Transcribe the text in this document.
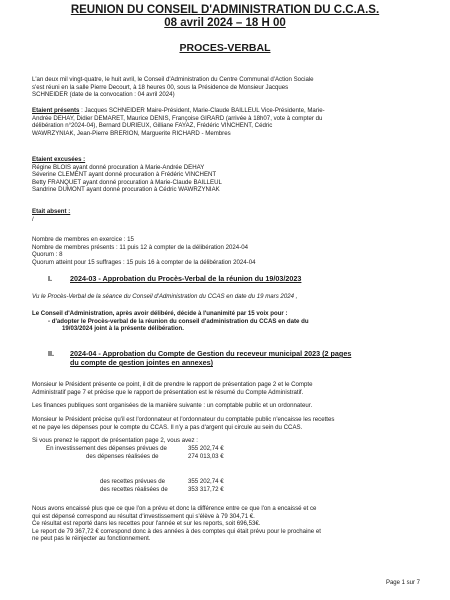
REUNION DU CONSEIL D'ADMINISTRATION DU C.C.A.S.
08 avril 2024 – 18 H 00
PROCES-VERBAL

L'an deux mil vingt-quatre, le huit avril, le Conseil d'Administration du Centre Communal d'Action Sociale

s'est réuni en la salle Pierre Decourt, à 18 heures 00, sous la Présidence de Monsieur Jacques

SCHNEIDER (date de la convocation : 04 avril 2024)

Etaient présents : Jacques SCHNEIDER Maire-Président, Marie-Claude BAILLEUL Vice-Présidente, Marie-

Andrée DEHAY, Didier DEMARET, Maurice DENIS, Françoise GIRARD (arrivée à 18h07, vote à compter du

délibération n°2024-04), Bernard DURIEUX, Gilliane FAYAZ, Frédéric VINCHENT, Cédric

WAWRZYNIAK, Jean-Pierre BRERION, Marguerite RICHARD - Membres

Etaient excusées :

Régine BLOIS ayant donné procuration à Marie-Andrée DEHAY

Séverine CLEMENT ayant donné procuration à Frédéric VINCHENT

Betty FRANQUET ayant donné procuration à Marie-Claude BAILLEUL

Sandrine DUMONT ayant donné procuration à Cédric WAWRZYNIAK

Etait absent :

/

Nombre de membres en exercice : 15

Nombre de membres présents : 11 puis 12 à compter de la délibération 2024-04

Quorum : 8

Quorum atteint pour 15 suffrages : 15 puis 16 à compter de la délibération 2024-04

I.	2024-03 - Approbation du Procès-Verbal de la réunion du 19/03/2023

Vu le Procès-Verbal de la séance du Conseil d'Administration du CCAS en date du 19 mars 2024 ,

Le Conseil d'Administration, après avoir délibéré, décide à l'unanimité par 15 voix pour :

- d'adopter le Procès-verbal de la réunion du conseil d'administration du CCAS en date du

19/03/2024 joint à la présente délibération.

II. 2024-04 - Approbation du Compte de Gestion du receveur municipal 2023 (2 pages
du compte de gestion jointes en annexes)

Monsieur le Président présente ce point, il dit de prendre le rapport de présentation page 2 et le Compte

Administratif page 7 et précise que le rapport de présentation est le résumé du Compte Administratif.

Les finances publiques sont organisées de la manière suivante : un comptable public et un ordonnateur.

Monsieur le Président précise qu'il est l'ordonnateur et l'ordonnateur du comptable public n'encaisse les recettes

et ne paye les dépenses pour le compte du CCAS. Il n'y a pas d'argent qui circule au sein du CCAS.

Si vous prenez le rapport de présentation page 2, vous avez :

En investissement des dépenses prévues de	355 202,74 €

des dépenses réalisées de	274 013,03 €

des recettes prévues de	355 202,74 €

des recettes réalisées de	353 317,72 €

Nous avons encaissé plus que ce que l'on a prévu et donc la différence entre ce que l'on a encaissé et ce

qui est dépensé correspond au résultat d'investissement qui s'élève à 79 304,71 €.

Ce résultat est reporté dans les recettes pour l'année et sur les reports, soit 696,53€.

Le report de 79 367,72 € correspond donc à des années à des comptes qui était prévu pour le prochaine et

ne peut pas le réinjecter au fonctionnement.

Page 1 sur 7
